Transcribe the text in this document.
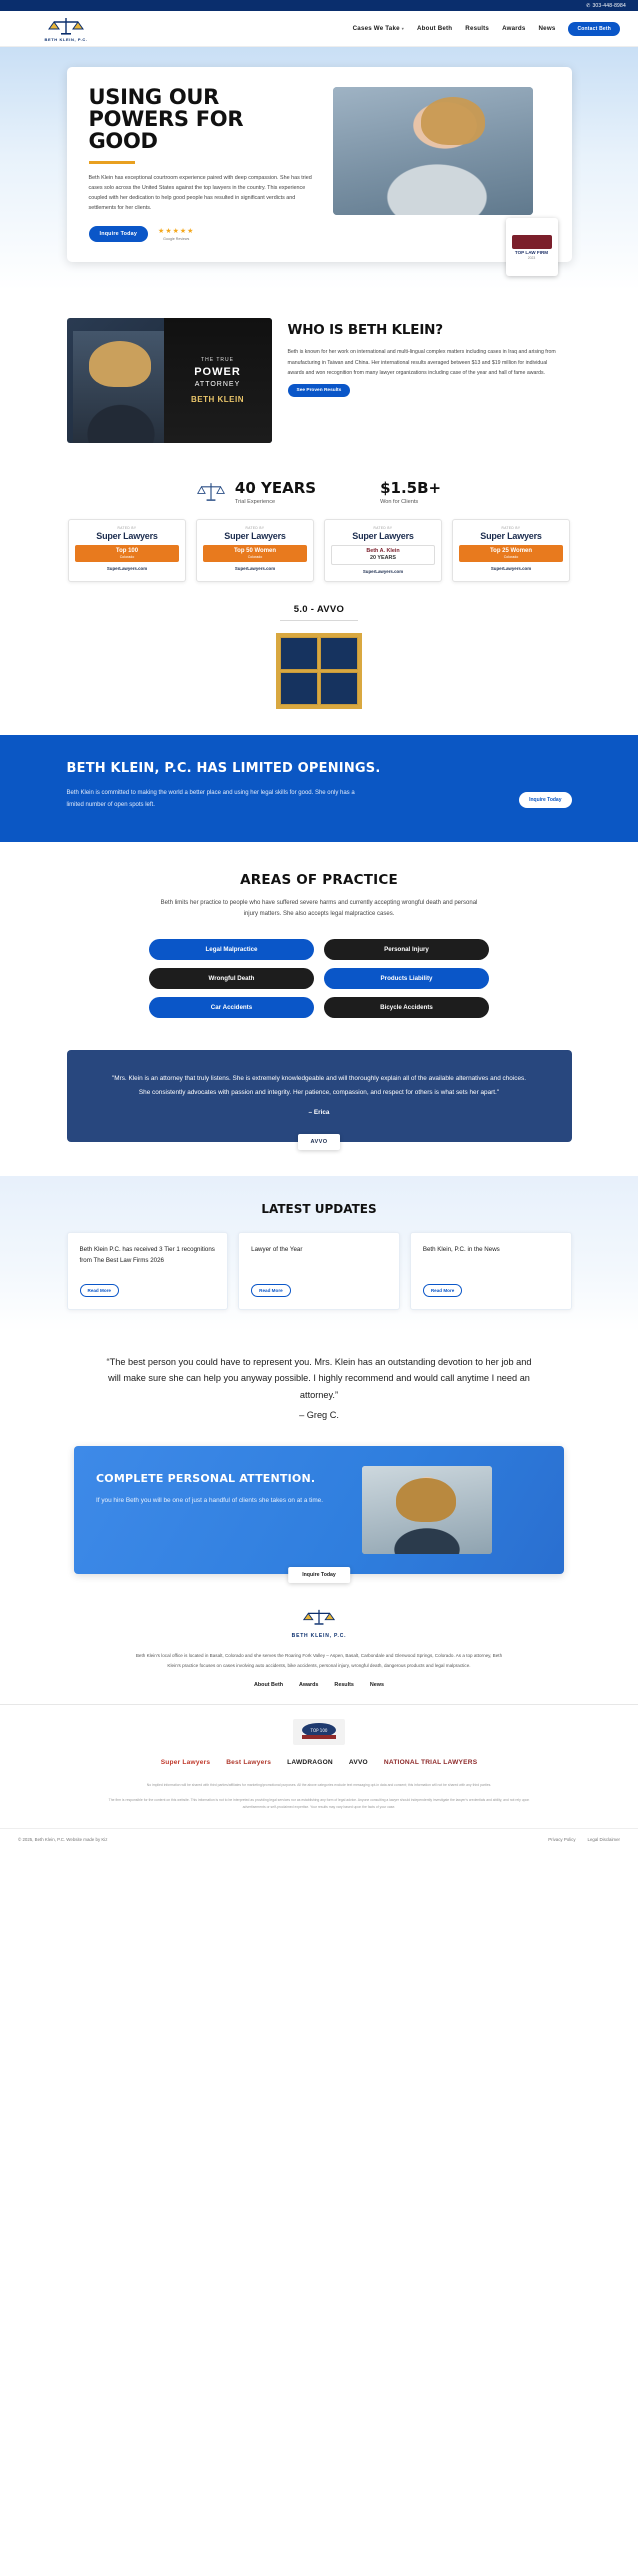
✆ 303-448-8984
BETH KLEIN, P.C.
Cases We Take ▾ About Beth Results Awards News	Contact Beth
USING OUR POWERS FOR GOOD
Beth Klein has exceptional courtroom experience paired with deep compassion. She has tried cases solo across the United States against the top lawyers in the country. This experience coupled with her dedication to help good people has resulted in significant verdicts and settlements for her clients.
Inquire Today	★★★★★
Google Reviews
TOP LAW FIRM
2023
THE TRUE
POWER
ATTORNEY
BETH KLEIN
WHO IS BETH KLEIN?
Beth is known for her work on international and multi-lingual complex matters including cases in Iraq and arising from manufacturing in Taiwan and China. Her international results averaged between $13 and $19 million for individual awards and won recognition from many lawyer organizations including case of the year and hall of fame awards.
See Proven Results
40 YEARS
Trial Experience
$1.5B+
Won for Clients
RATED BY
Super Lawyers
Top 100
Colorado
SuperLawyers.com
RATED BY
Super Lawyers
Top 50 Women
Colorado
SuperLawyers.com
RATED BY
Super Lawyers
Beth A. Klein
20 YEARS
SuperLawyers.com
RATED BY
Super Lawyers
Top 25 Women
Colorado
SuperLawyers.com
5.0 - AVVO
BETH KLEIN, P.C. HAS LIMITED OPENINGS.
Beth Klein is committed to making the world a better place and using her legal skills for good. She only has a limited number of open spots left.
Inquire Today
AREAS OF PRACTICE

Beth limits her practice to people who have suffered severe harms and currently accepting wrongful death and personal injury matters. She also accepts legal malpractice cases.

Legal Malpractice	Personal Injury
Wrongful Death	Products Liability
Car Accidents	Bicycle Accidents

"Mrs. Klein is an attorney that truly listens. She is extremely knowledgeable and will thoroughly explain all of the available alternatives and choices. She consistently advocates with passion and integrity. Her patience, compassion, and respect for others is what sets her apart."

– Erica
AVVO
LATEST UPDATES
Beth Klein P.C. has received 3 Tier 1 recognitions from The Best Law Firms 2026
Read More
Lawyer of the Year
Read More
Beth Klein, P.C. in the News
Read More

“The best person you could have to represent you. Mrs. Klein has an outstanding devotion to her job and will make sure she can help you anyway possible. I highly recommend and would call anytime I need an attorney.”

– Greg C.
COMPLETE PERSONAL ATTENTION.

If you hire Beth you will be one of just a handful of clients she takes on at a time.

Inquire Today
BETH KLEIN, P.C.
Beth Klein's local office is located in Basalt, Colorado and she serves the Roaring Fork Valley – Aspen, Basalt, Carbondale and Glenwood Springs, Colorado. As a top attorney, Beth Klein's practice focuses on cases involving auto accidents, bike accidents, personal injury, wrongful death, dangerous products and legal malpractice.
About Beth	Awards	Results	News
TOP 100
Super Lawyers Best Lawyers LAWDRAGON AVVO NATIONAL TRIAL LAWYERS
No implied information will be shared with third parties/affiliates for marketing/promotional purposes. All the above categories exclude text messaging opt-in data and consent; this information will not be shared with any third parties.
The firm is responsible for the content on this website. This information is not to be interpreted as providing legal services nor as establishing any form of legal advice. Anyone consulting a lawyer should independently investigate the lawyer's credentials and ability, and not rely upon advertisements or self-proclaimed expertise. Your results may vary based upon the facts of your case.
© 2025, Beth Klein, P.C. Website made by Kiz	Privacy Policy	Legal Disclaimer
